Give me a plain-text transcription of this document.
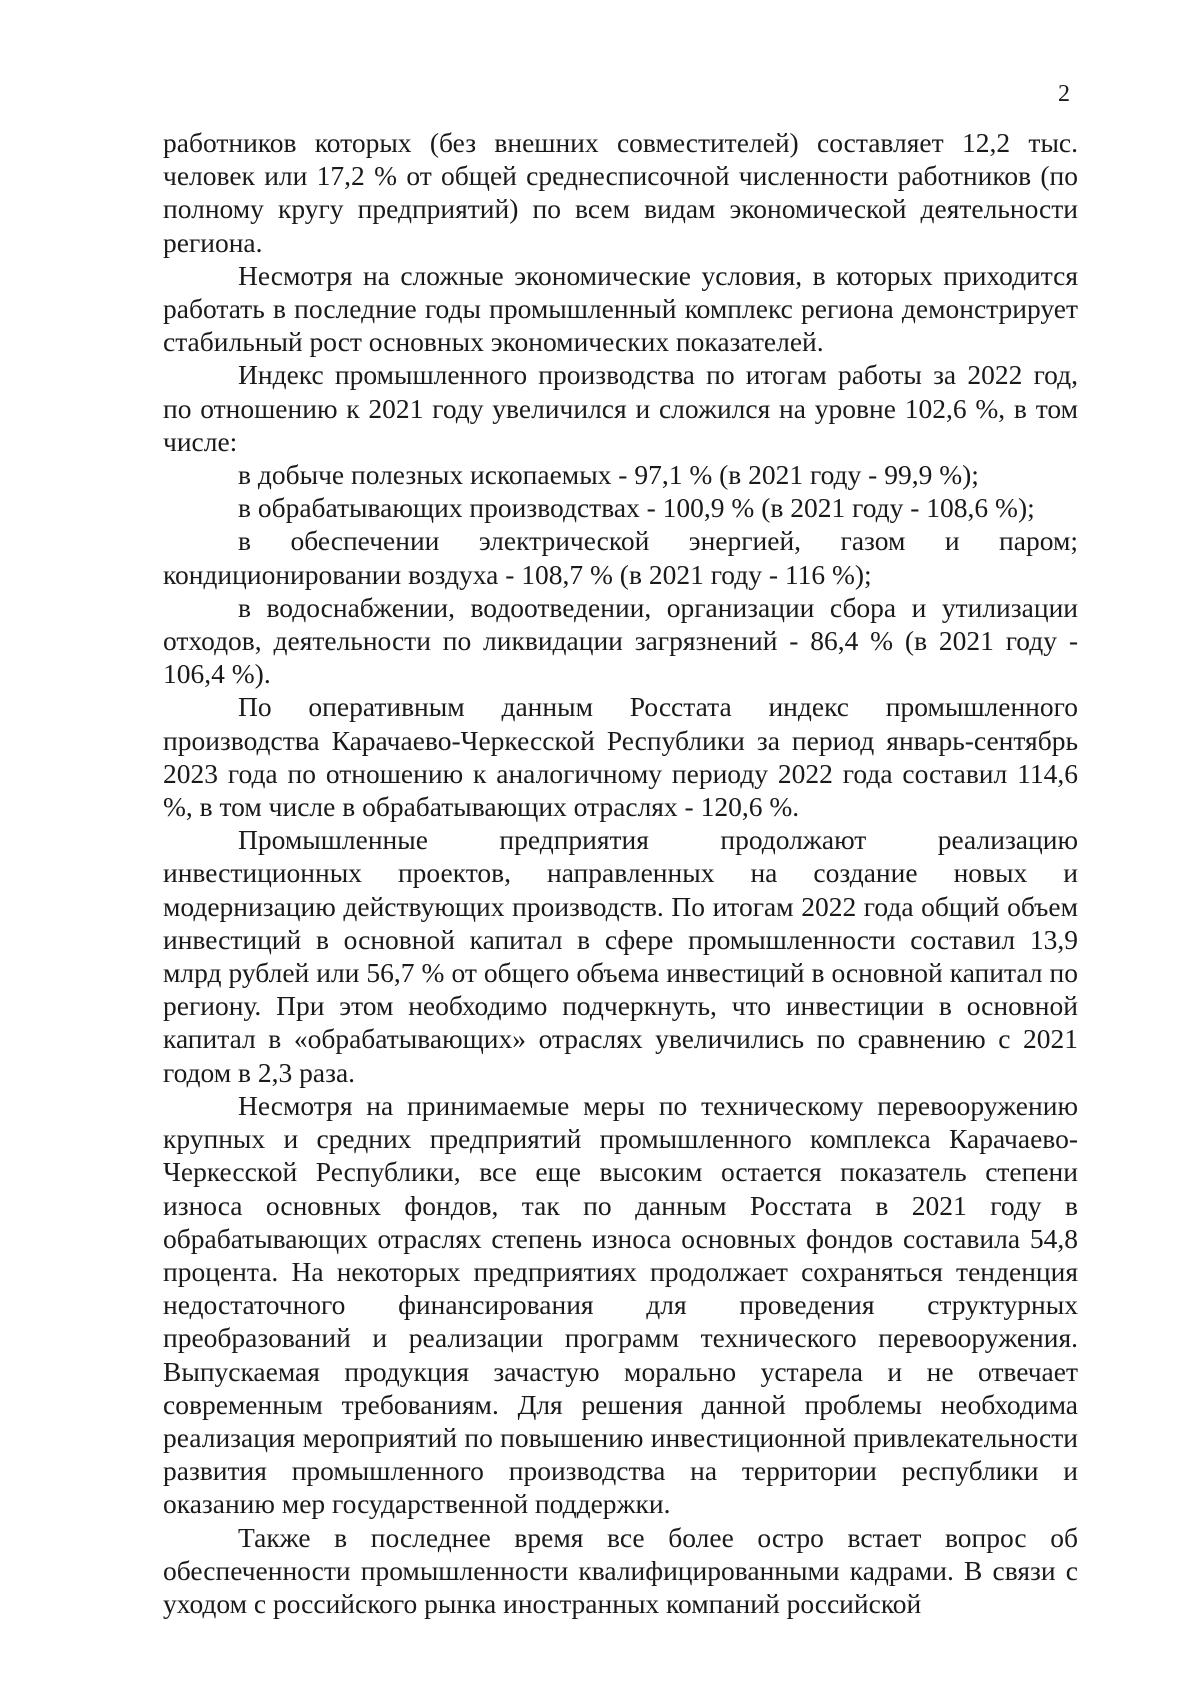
2

работников которых (без внешних совместителей) составляет 12,2 тыс. человек или 17,2 % от общей среднесписочной численности работников (по полному кругу предприятий) по всем видам экономической деятельности региона.

Несмотря на сложные экономические условия, в которых приходится работать в последние годы промышленный комплекс региона демонстрирует стабильный рост основных экономических показателей.

Индекс промышленного производства по итогам работы за 2022 год, по отношению к 2021 году увеличился и сложился на уровне 102,6 %, в том числе:

в добыче полезных ископаемых - 97,1 % (в 2021 году - 99,9 %);

в обрабатывающих производствах - 100,9 % (в 2021 году - 108,6 %);

в обеспечении электрической энергией, газом и паром; кондиционировании воздуха - 108,7 % (в 2021 году - 116 %);

в водоснабжении, водоотведении, организации сбора и утилизации отходов, деятельности по ликвидации загрязнений - 86,4 % (в 2021 году - 106,4 %).

По оперативным данным Росстата индекс промышленного производства Карачаево-Черкесской Республики за период январь-сентябрь 2023 года по отношению к аналогичному периоду 2022 года составил 114,6 %, в том числе в обрабатывающих отраслях - 120,6 %.

Промышленные предприятия продолжают реализацию инвестиционных проектов, направленных на создание новых и модернизацию действующих производств. По итогам 2022 года общий объем инвестиций в основной капитал в сфере промышленности составил 13,9 млрд рублей или 56,7 % от общего объема инвестиций в основной капитал по региону. При этом необходимо подчеркнуть, что инвестиции в основной капитал в «обрабатывающих» отраслях увеличились по сравнению с 2021 годом в 2,3 раза.

Несмотря на принимаемые меры по техническому перевооружению крупных и средних предприятий промышленного комплекса Карачаево-Черкесской Республики, все еще высоким остается показатель степени износа основных фондов, так по данным Росстата в 2021 году в обрабатывающих отраслях степень износа основных фондов составила 54,8 процента. На некоторых предприятиях продолжает сохраняться тенденция недостаточного финансирования для проведения структурных преобразований и реализации программ технического перевооружения. Выпускаемая продукция зачастую морально устарела и не отвечает современным требованиям. Для решения данной проблемы необходима реализация мероприятий по повышению инвестиционной привлекательности развития промышленного производства на территории республики и оказанию мер государственной поддержки.

Также в последнее время все более остро встает вопрос об обеспеченности промышленности квалифицированными кадрами. В связи с уходом с российского рынка иностранных компаний российской
